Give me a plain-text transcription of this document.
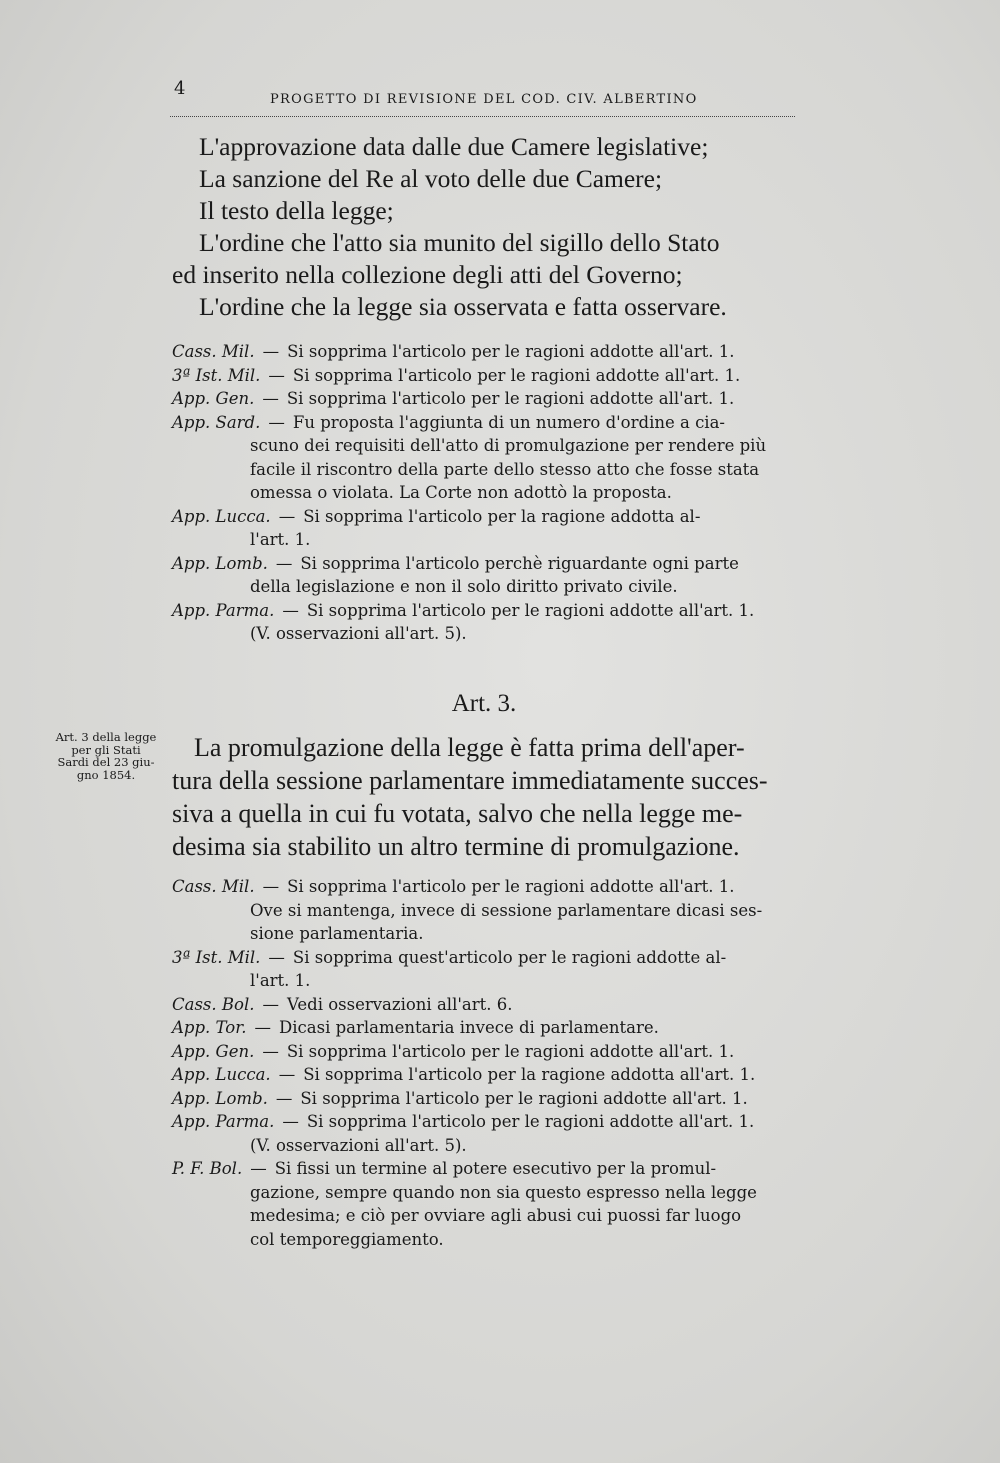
4
PROGETTO DI REVISIONE DEL COD. CIV. ALBERTINO
L'approvazione data dalle due Camere legislative;
La sanzione del Re al voto delle due Camere;
Il testo della legge;
L'ordine che l'atto sia munito del sigillo dello Stato
ed inserito nella collezione degli atti del Governo;
L'ordine che la legge sia osservata e fatta osservare.
Cass. Mil. — Si sopprima l'articolo per le ragioni addotte all'art. 1.
3ª Ist. Mil. — Si sopprima l'articolo per le ragioni addotte all'art. 1.
App. Gen. — Si sopprima l'articolo per le ragioni addotte all'art. 1.
App. Sard. — Fu proposta l'aggiunta di un numero d'ordine a cia-
scuno dei requisiti dell'atto di promulgazione per rendere più
facile il riscontro della parte dello stesso atto che fosse stata
omessa o violata. La Corte non adottò la proposta.
App. Lucca. — Si sopprima l'articolo per la ragione addotta al-
l'art. 1.
App. Lomb. — Si sopprima l'articolo perchè riguardante ogni parte
della legislazione e non il solo diritto privato civile.
App. Parma. — Si sopprima l'articolo per le ragioni addotte all'art. 1.
(V. osservazioni all'art. 5).
Art. 3.
Art. 3 della legge
per gli Stati
Sardi del 23 giu-
gno 1854.
La promulgazione della legge è fatta prima dell'aper-
tura della sessione parlamentare immediatamente succes-
siva a quella in cui fu votata, salvo che nella legge me-
desima sia stabilito un altro termine di promulgazione.
Cass. Mil. — Si sopprima l'articolo per le ragioni addotte all'art. 1.
Ove si mantenga, invece di sessione parlamentare dicasi ses-
sione parlamentaria.
3ª Ist. Mil. — Si sopprima quest'articolo per le ragioni addotte al-
l'art. 1.
Cass. Bol. — Vedi osservazioni all'art. 6.
App. Tor. — Dicasi parlamentaria invece di parlamentare.
App. Gen. — Si sopprima l'articolo per le ragioni addotte all'art. 1.
App. Lucca. — Si sopprima l'articolo per la ragione addotta all'art. 1.
App. Lomb. — Si sopprima l'articolo per le ragioni addotte all'art. 1.
App. Parma. — Si sopprima l'articolo per le ragioni addotte all'art. 1.
(V. osservazioni all'art. 5).
P. F. Bol. — Si fissi un termine al potere esecutivo per la promul-
gazione, sempre quando non sia questo espresso nella legge
medesima; e ciò per ovviare agli abusi cui puossi far luogo
col temporeggiamento.
